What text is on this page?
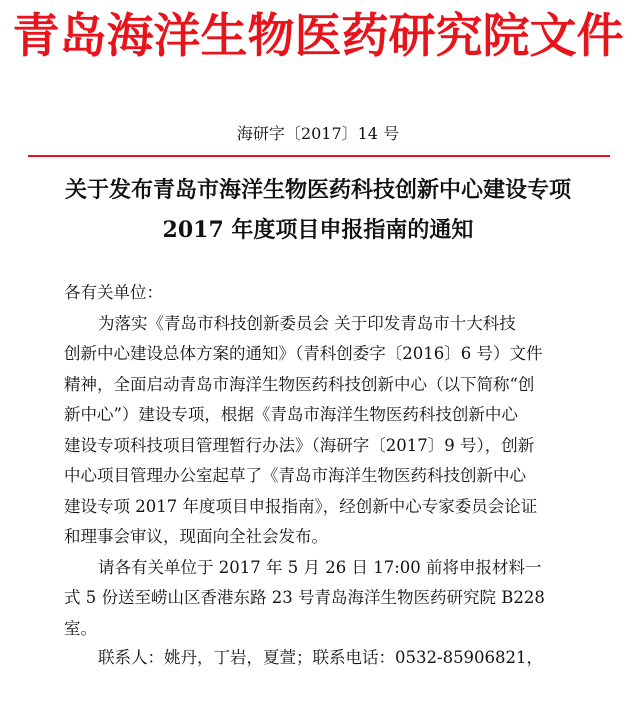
青岛海洋生物医药研究院文件
海研字〔2017〕14 号
关于发布青岛市海洋生物医药科技创新中心建设专项
2017 年度项目申报指南的通知
各有关单位：
为落实《青岛市科技创新委员会 关于印发青岛市十大科技
创新中心建设总体方案的通知》（青科创委字〔2016〕6 号）文件
精神，全面启动青岛市海洋生物医药科技创新中心（以下简称“创
新中心”）建设专项，根据《青岛市海洋生物医药科技创新中心
建设专项科技项目管理暂行办法》（海研字〔2017〕9 号），创新
中心项目管理办公室起草了《青岛市海洋生物医药科技创新中心
建设专项 2017 年度项目申报指南》，经创新中心专家委员会论证
和理事会审议，现面向全社会发布。
请各有关单位于 2017 年 5 月 26 日 17:00 前将申报材料一
式 5 份送至崂山区香港东路 23 号青岛海洋生物医药研究院 B228
室。
联系人：姚丹，丁岩，夏萱；联系电话：0532-85906821，
